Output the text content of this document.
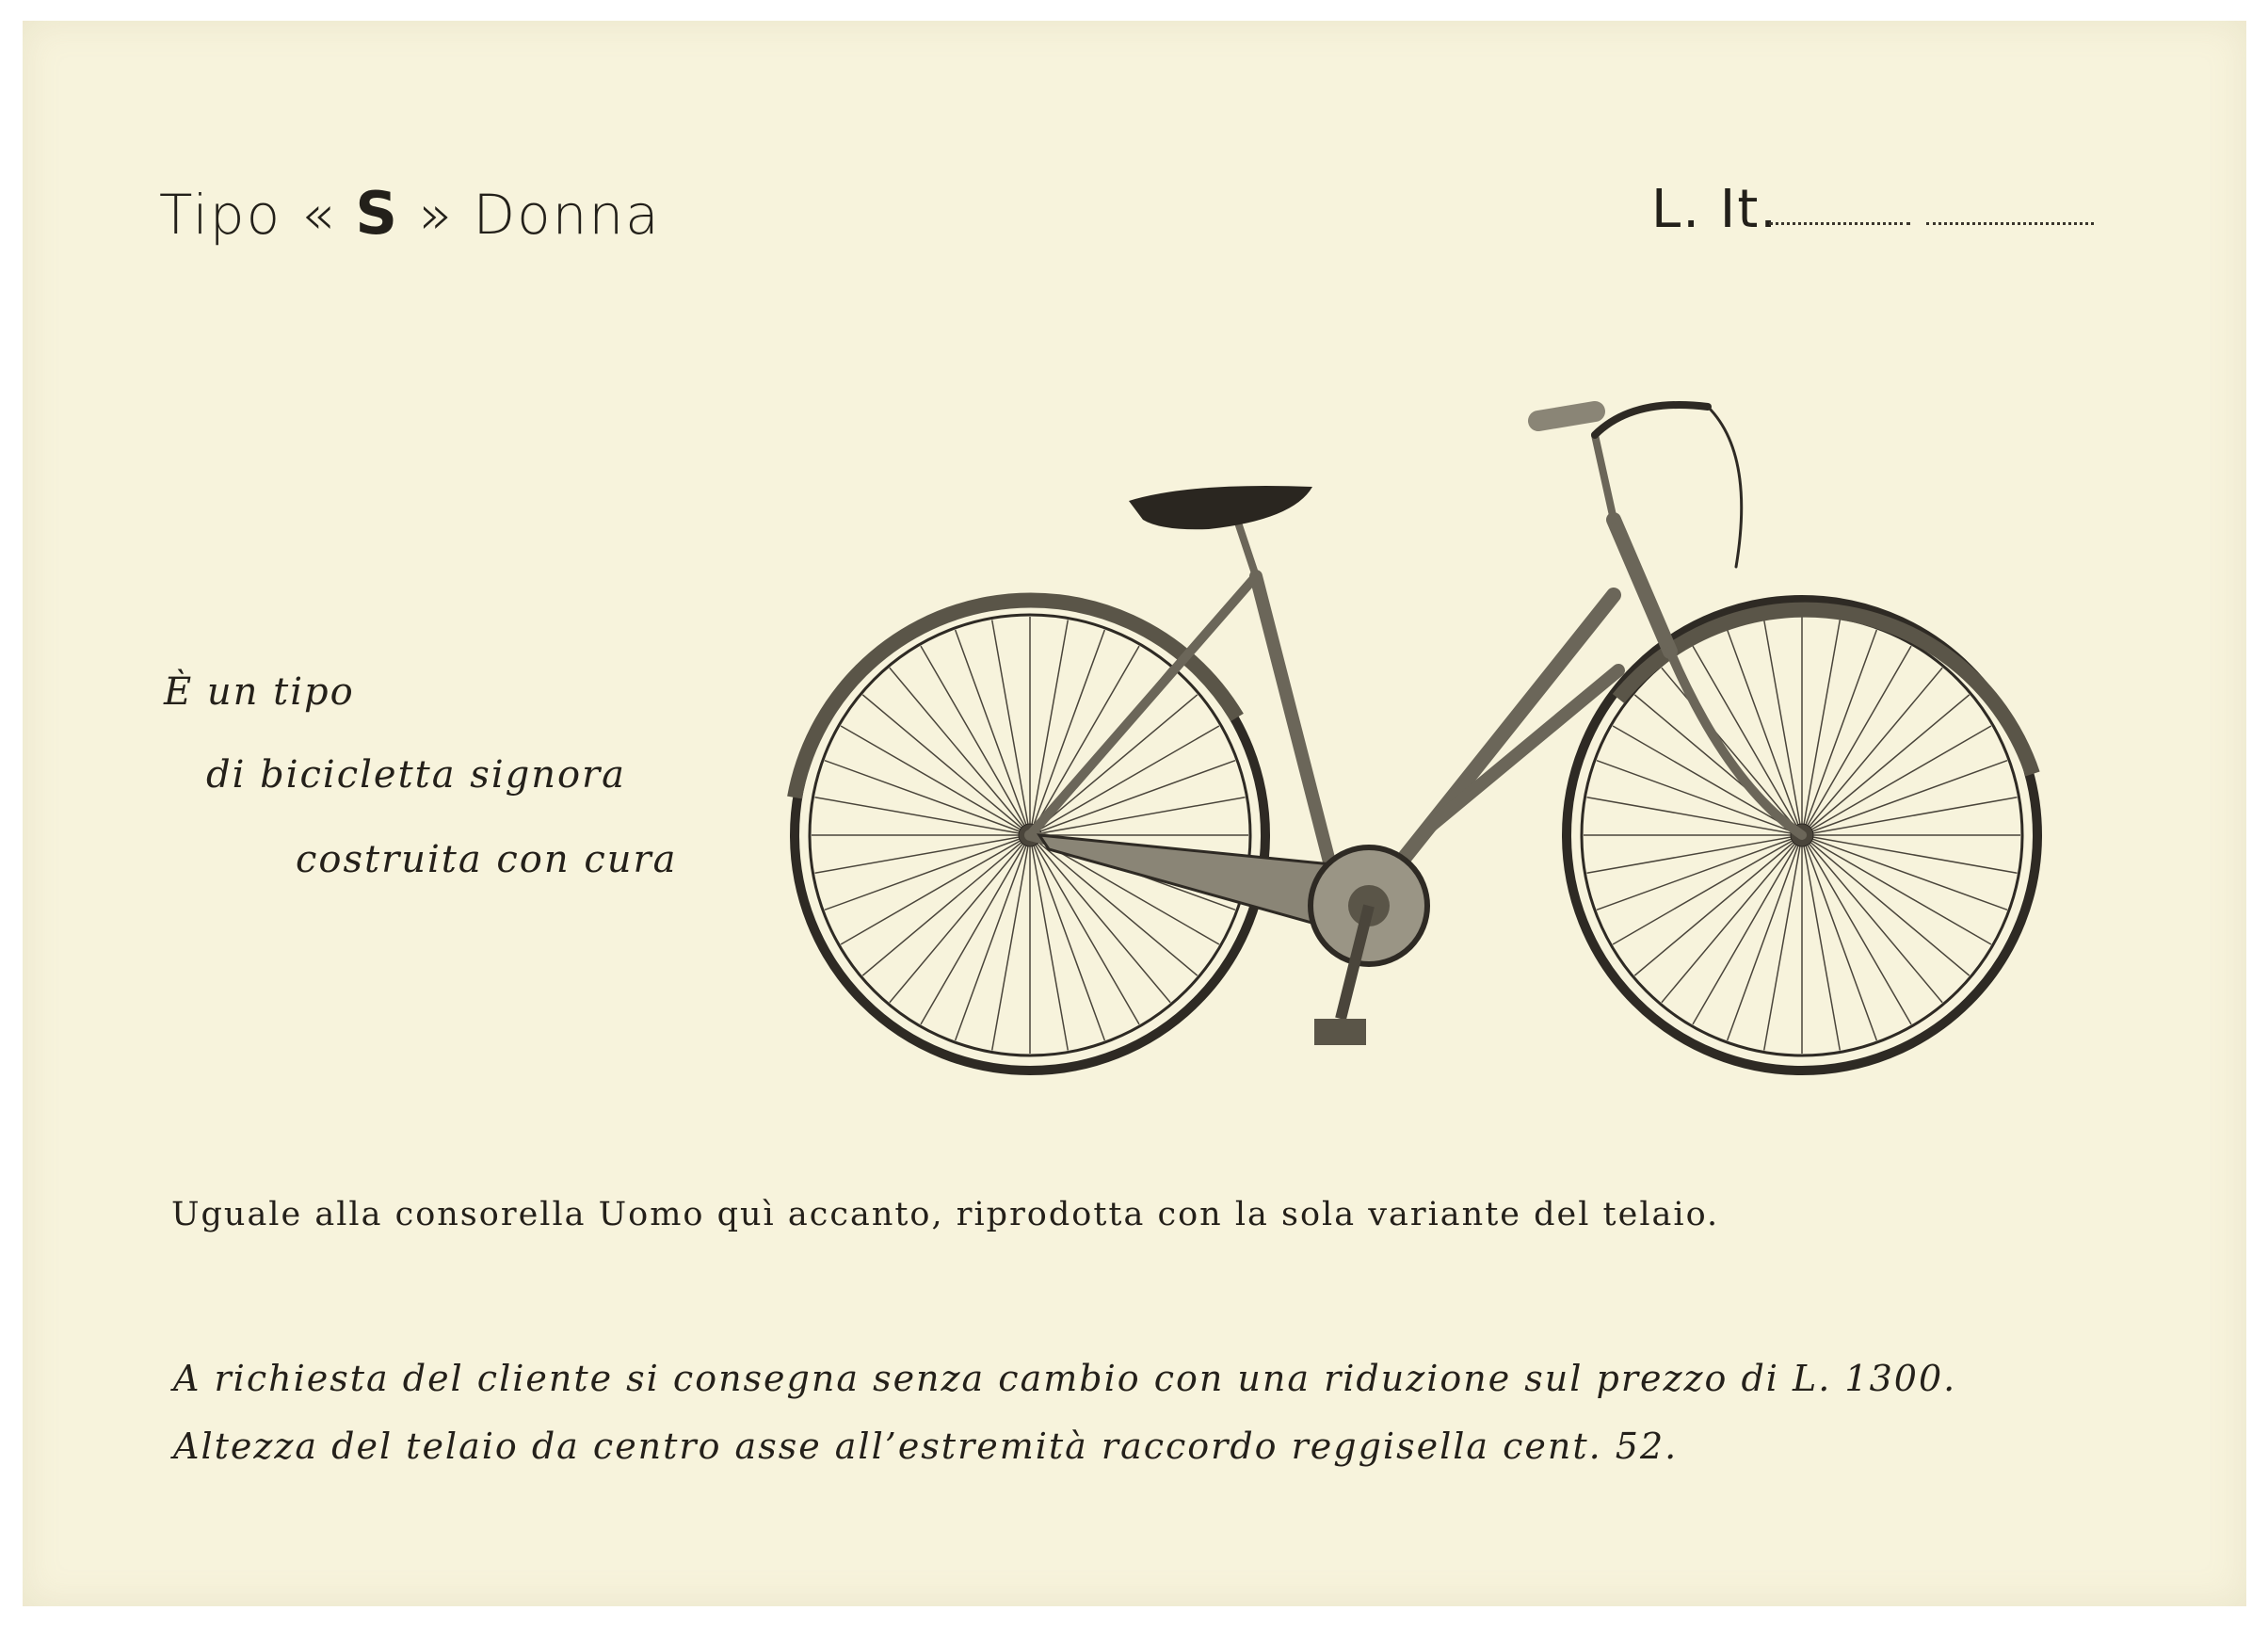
Tipo « S » Donna	L. It.
È un tipo
di bicicletta signora
costruita con cura
Uguale alla consorella Uomo quì accanto, riprodotta con la sola variante del telaio.
A richiesta del cliente si consegna senza cambio con una riduzione sul prezzo di L. 1300.
Altezza del telaio da centro asse all’estremità raccordo reggisella cent. 52.
